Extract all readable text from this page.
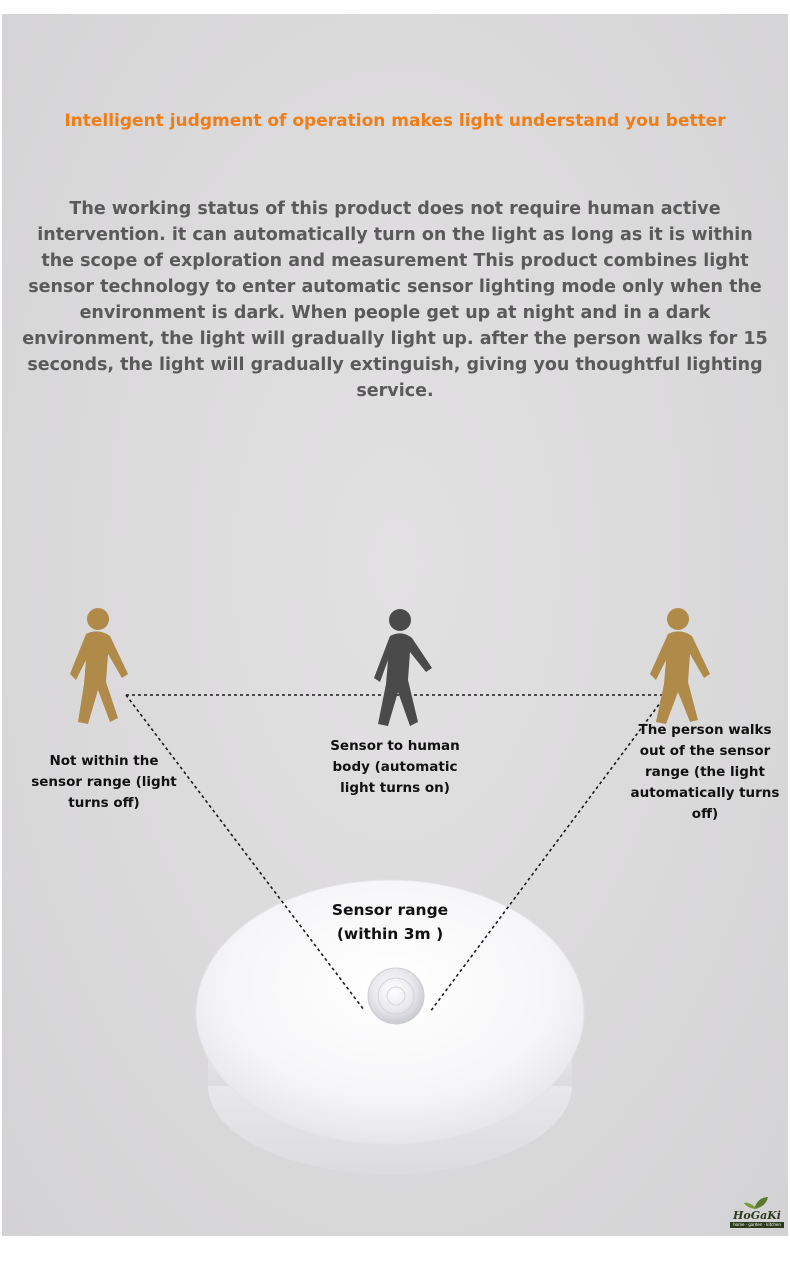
Intelligent judgment of operation makes light understand you better
The working status of this product does not require human active intervention. it can automatically turn on the light as long as it is within the scope of exploration and measurement This product combines light sensor technology to enter automatic sensor lighting mode only when the environment is dark. When people get up at night and in a dark environment, the light will gradually light up. after the person walks for 15 seconds, the light will gradually extinguish, giving you thoughtful lighting service.
Not within the sensor range (light turns off)
Sensor to human body (automatic light turns on)
The person walks out of the sensor range (the light automatically turns off)
Sensor range (within 3m )
HoGaKi
home · garden · kitchen
